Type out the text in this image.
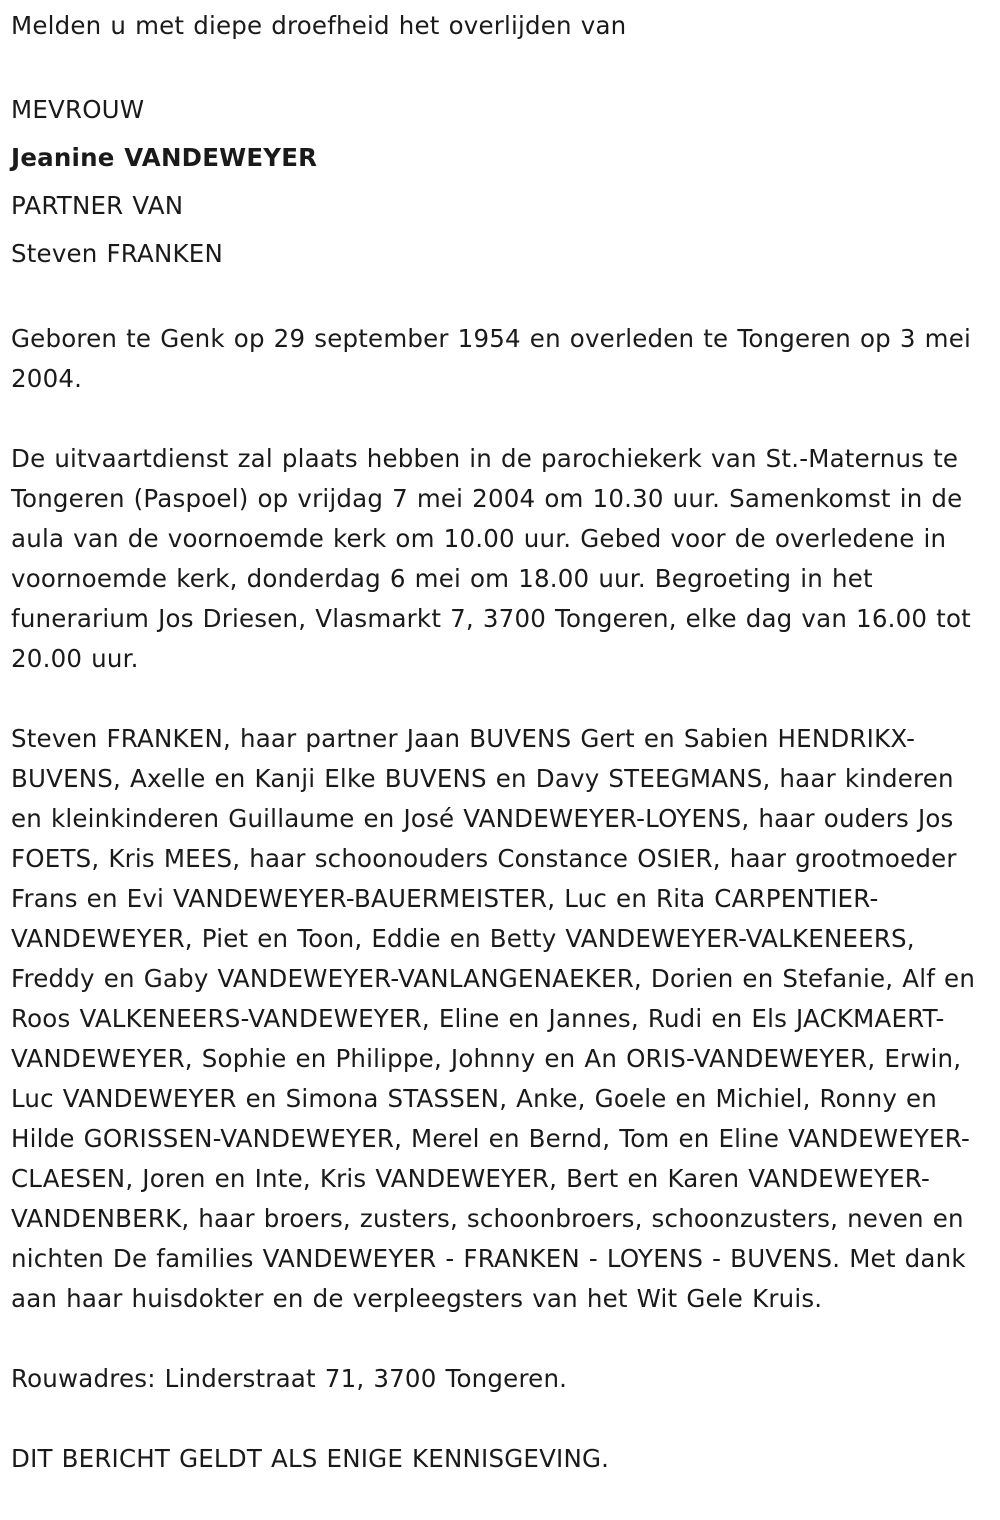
Melden u met diepe droefheid het overlijden van

MEVROUW

Jeanine VANDEWEYER

PARTNER VAN

Steven FRANKEN

Geboren te Genk op 29 september 1954 en overleden te Tongeren op 3 mei 2004.

De uitvaartdienst zal plaats hebben in de parochiekerk van St.-Maternus te Tongeren (Paspoel) op vrijdag 7 mei 2004 om 10.30 uur. Samenkomst in de aula van de voornoemde kerk om 10.00 uur. Gebed voor de overledene in voornoemde kerk, donderdag 6 mei om 18.00 uur. Begroeting in het funerarium Jos Driesen, Vlasmarkt 7, 3700 Tongeren, elke dag van 16.00 tot 20.00 uur.

Steven FRANKEN, haar partner Jaan BUVENS Gert en Sabien HENDRIKX-BUVENS, Axelle en Kanji Elke BUVENS en Davy STEEGMANS, haar kinderen en kleinkinderen Guillaume en José VANDEWEYER-LOYENS, haar ouders Jos FOETS, Kris MEES, haar schoonouders Constance OSIER, haar grootmoeder Frans en Evi VANDEWEYER-BAUERMEISTER, Luc en Rita CARPENTIER-VANDEWEYER, Piet en Toon, Eddie en Betty VANDEWEYER-VALKENEERS, Freddy en Gaby VANDEWEYER-VANLANGENAEKER, Dorien en Stefanie, Alf en Roos VALKENEERS-VANDEWEYER, Eline en Jannes, Rudi en Els JACKMAERT-VANDEWEYER, Sophie en Philippe, Johnny en An ORIS-VANDEWEYER, Erwin, Luc VANDEWEYER en Simona STASSEN, Anke, Goele en Michiel, Ronny en Hilde GORISSEN-VANDEWEYER, Merel en Bernd, Tom en Eline VANDEWEYER-CLAESEN, Joren en Inte, Kris VANDEWEYER, Bert en Karen VANDEWEYER-VANDENBERK, haar broers, zusters, schoonbroers, schoonzusters, neven en nichten De families VANDEWEYER - FRANKEN - LOYENS - BUVENS. Met dank aan haar huisdokter en de verpleegsters van het Wit Gele Kruis.

Rouwadres: Linderstraat 71, 3700 Tongeren.

DIT BERICHT GELDT ALS ENIGE KENNISGEVING.
